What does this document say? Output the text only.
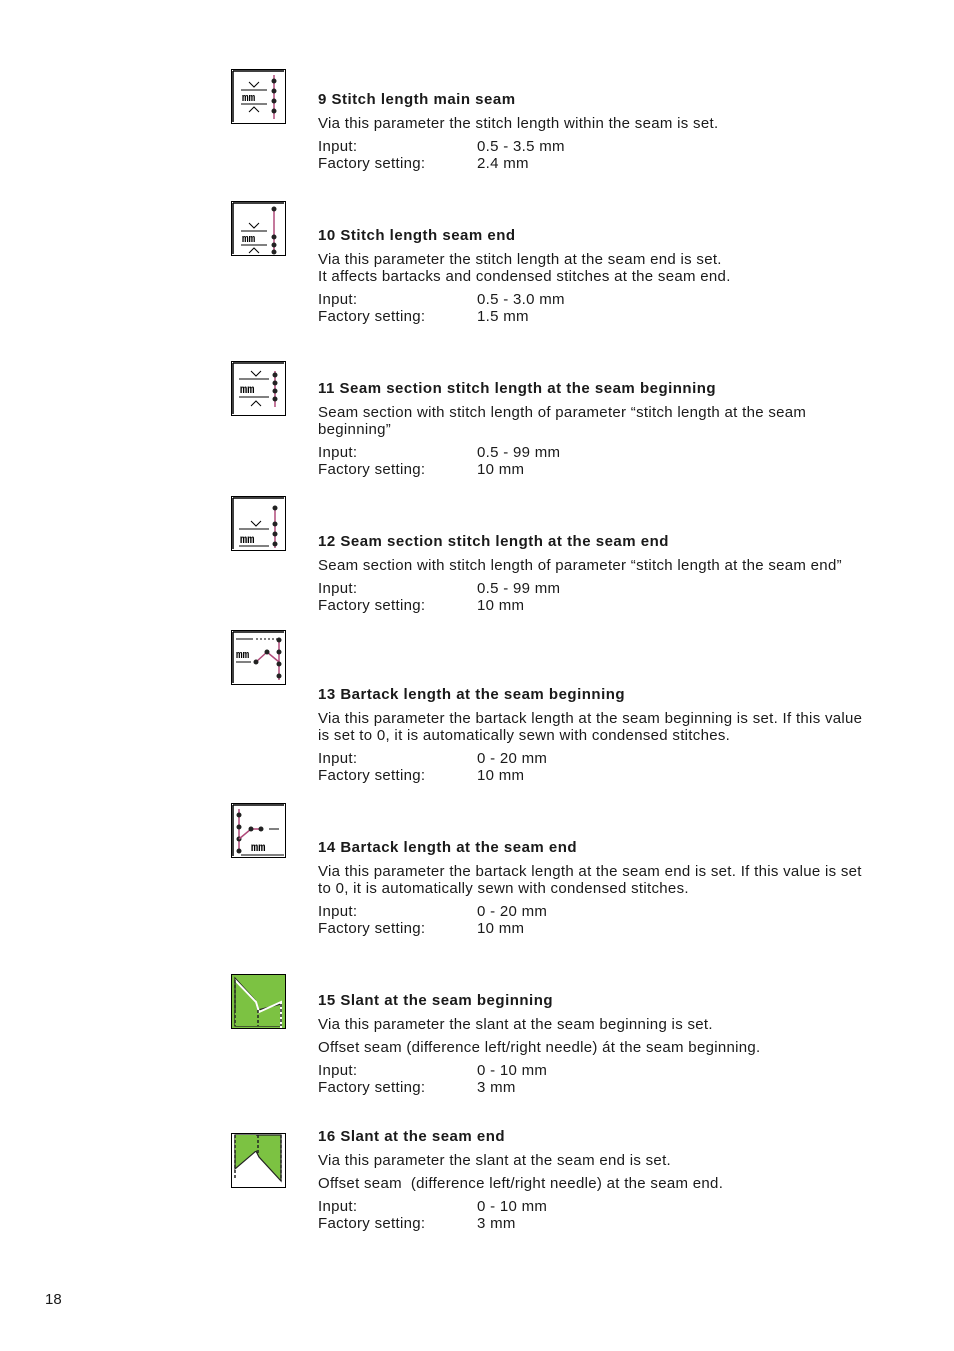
mm
mm
mm
mm
mm
mm
9 Stitch length main seam
Via this parameter the stitch length within the seam is set.
Input:	0.5 - 3.5 mm
Factory setting:	2.4 mm
10 Stitch length seam end
Via this parameter the stitch length at the seam end is set.
It affects bartacks and condensed stitches at the seam end.
Input:	0.5 - 3.0 mm
Factory setting:	1.5 mm
11 Seam section stitch length at the seam beginning
Seam section with stitch length of parameter “stitch length at the seam beginning”
Input:	0.5 - 99 mm
Factory setting:	10 mm
12 Seam section stitch length at the seam end
Seam section with stitch length of parameter “stitch length at the seam end”
Input:	0.5 - 99 mm
Factory setting:	10 mm
13 Bartack length at the seam beginning
Via this parameter the bartack length at the seam beginning is set. If this value is set to 0, it is automatically sewn with condensed stitches.
Input:	0 - 20 mm
Factory setting:	10 mm
14 Bartack length at the seam end
Via this parameter the bartack length at the seam end is set. If this value is set to 0, it is automatically sewn with condensed stitches.
Input:	0 - 20 mm
Factory setting:	10 mm
15 Slant at the seam beginning
Via this parameter the slant at the seam beginning is set.
Offset seam (difference left/right needle) át the seam beginning.
Input:	0 - 10 mm
Factory setting:	3 mm
16 Slant at the seam end
Via this parameter the slant at the seam end is set.
Offset seam  (difference left/right needle) at the seam end.
Input:	0 - 10 mm
Factory setting:	3 mm
18
